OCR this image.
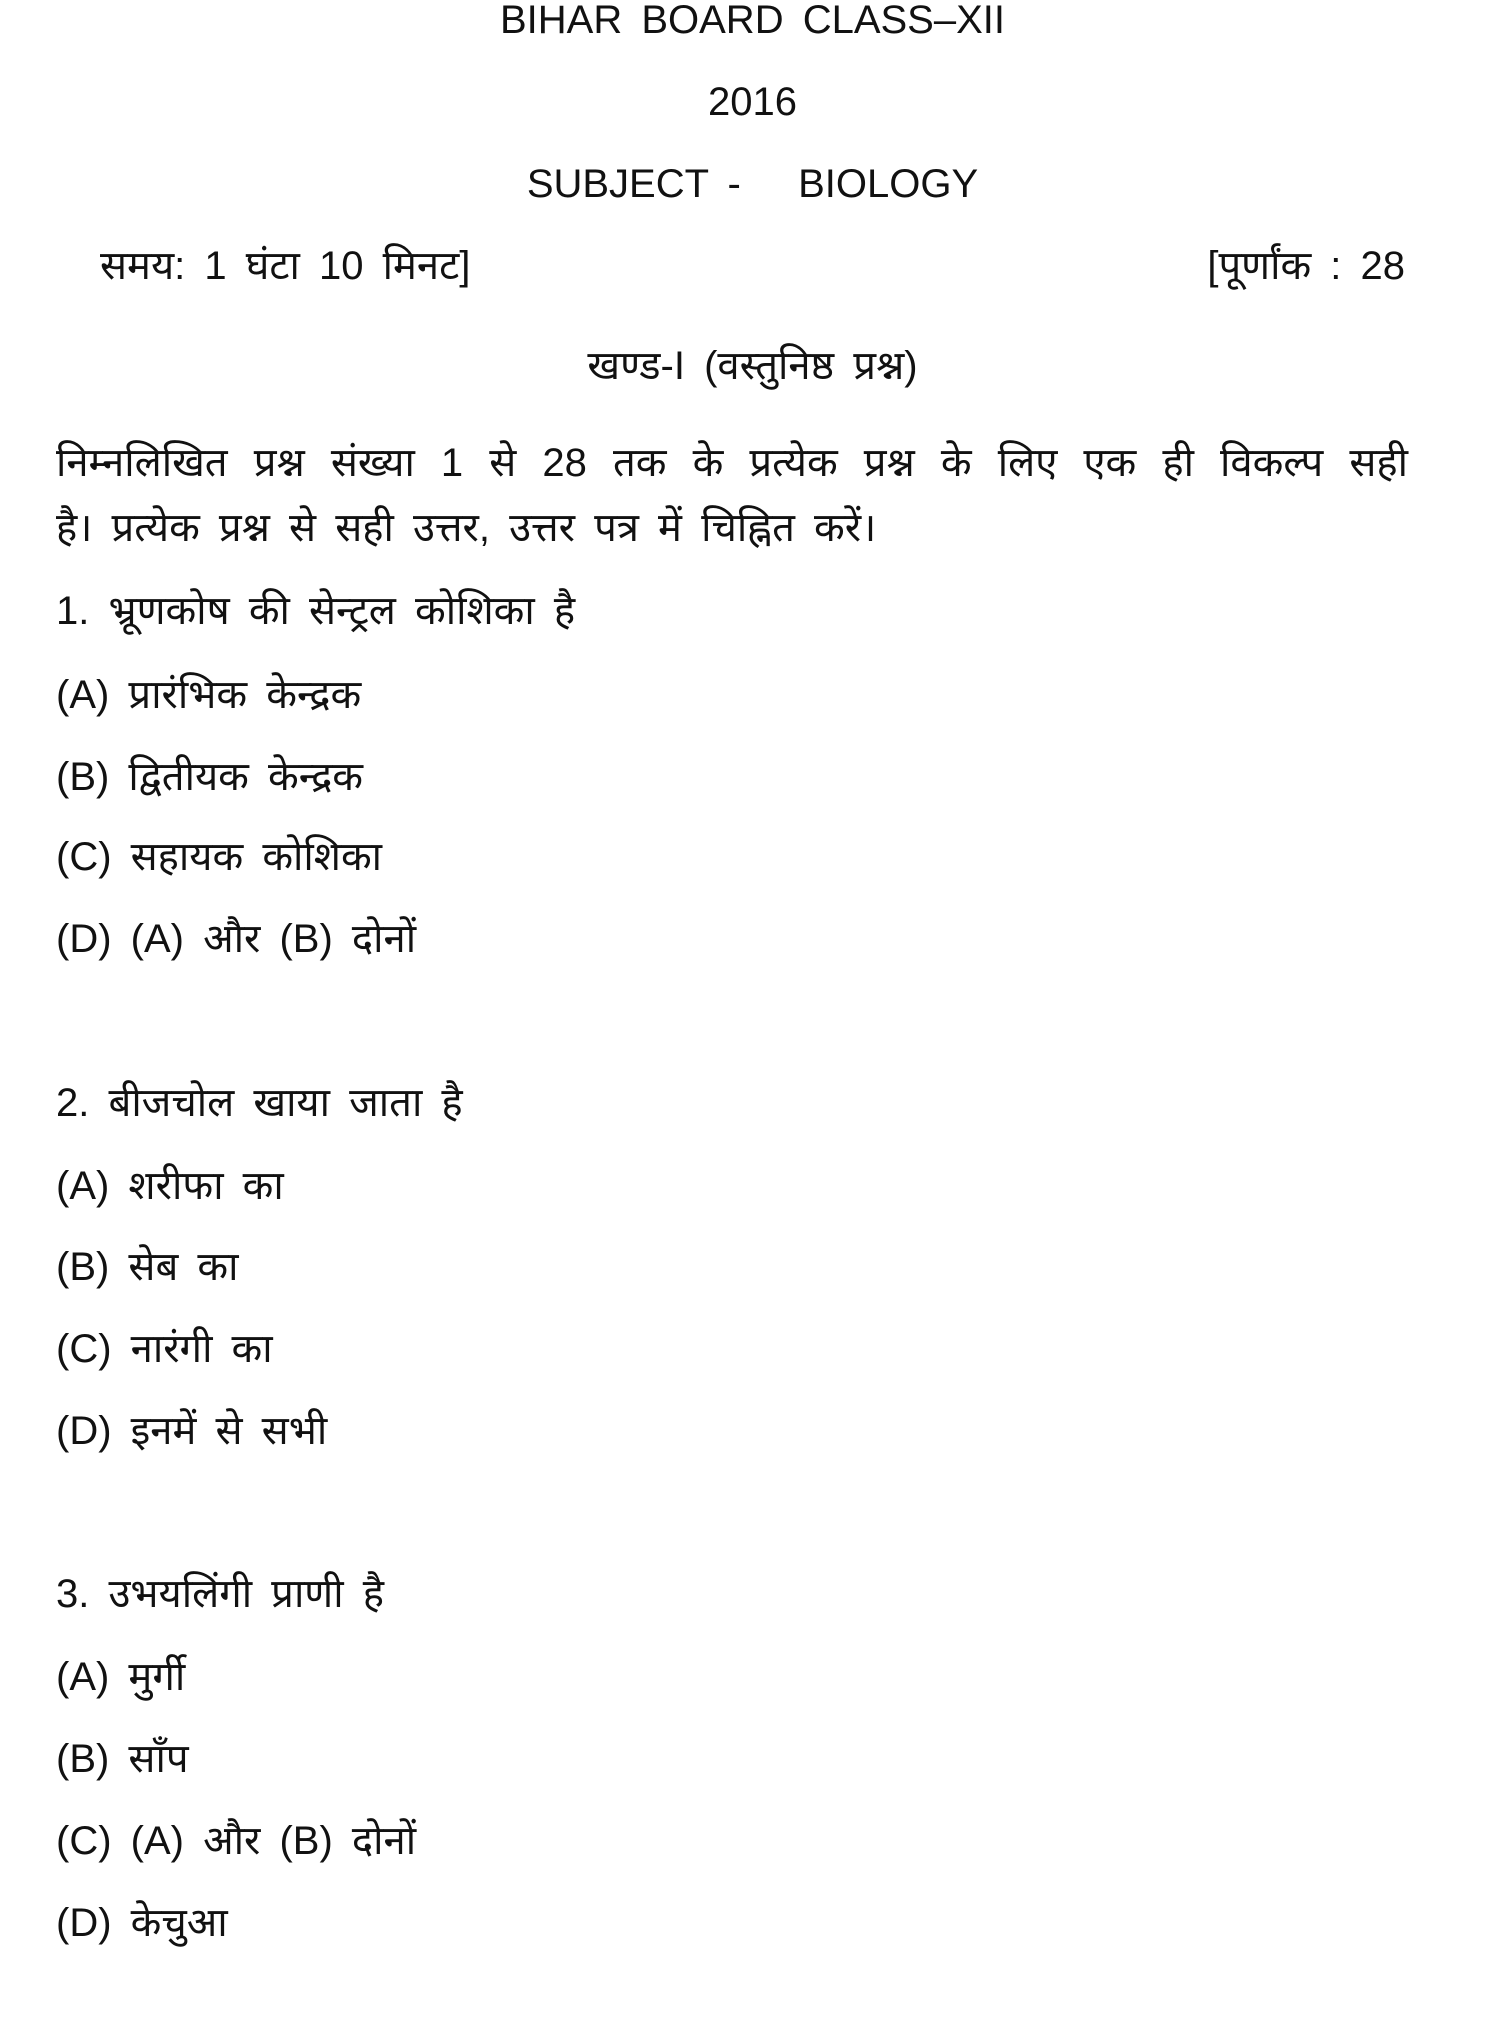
BIHAR BOARD CLASS–XII
2016
SUBJECT -   BIOLOGY
समय: 1 घंटा 10 मिनट]	[पूर्णांक : 28
खण्ड-I (वस्तुनिष्ठ प्रश्न)
निम्नलिखित प्रश्न संख्या 1 से 28 तक के प्रत्येक प्रश्न के लिए एक ही विकल्प सही
है। प्रत्येक प्रश्न से सही उत्तर, उत्तर पत्र में चिह्नित करें।
1. भ्रूणकोष की सेन्ट्रल कोशिका है
(A) प्रारंभिक केन्द्रक
(B) द्वितीयक केन्द्रक
(C) सहायक कोशिका
(D) (A) और (B) दोनों
2. बीजचोल खाया जाता है
(A) शरीफा का
(B) सेब का
(C) नारंगी का
(D) इनमें से सभी
3. उभयलिंगी प्राणी है
(A) मुर्गी
(B) साँप
(C) (A) और (B) दोनों
(D) केचुआ
